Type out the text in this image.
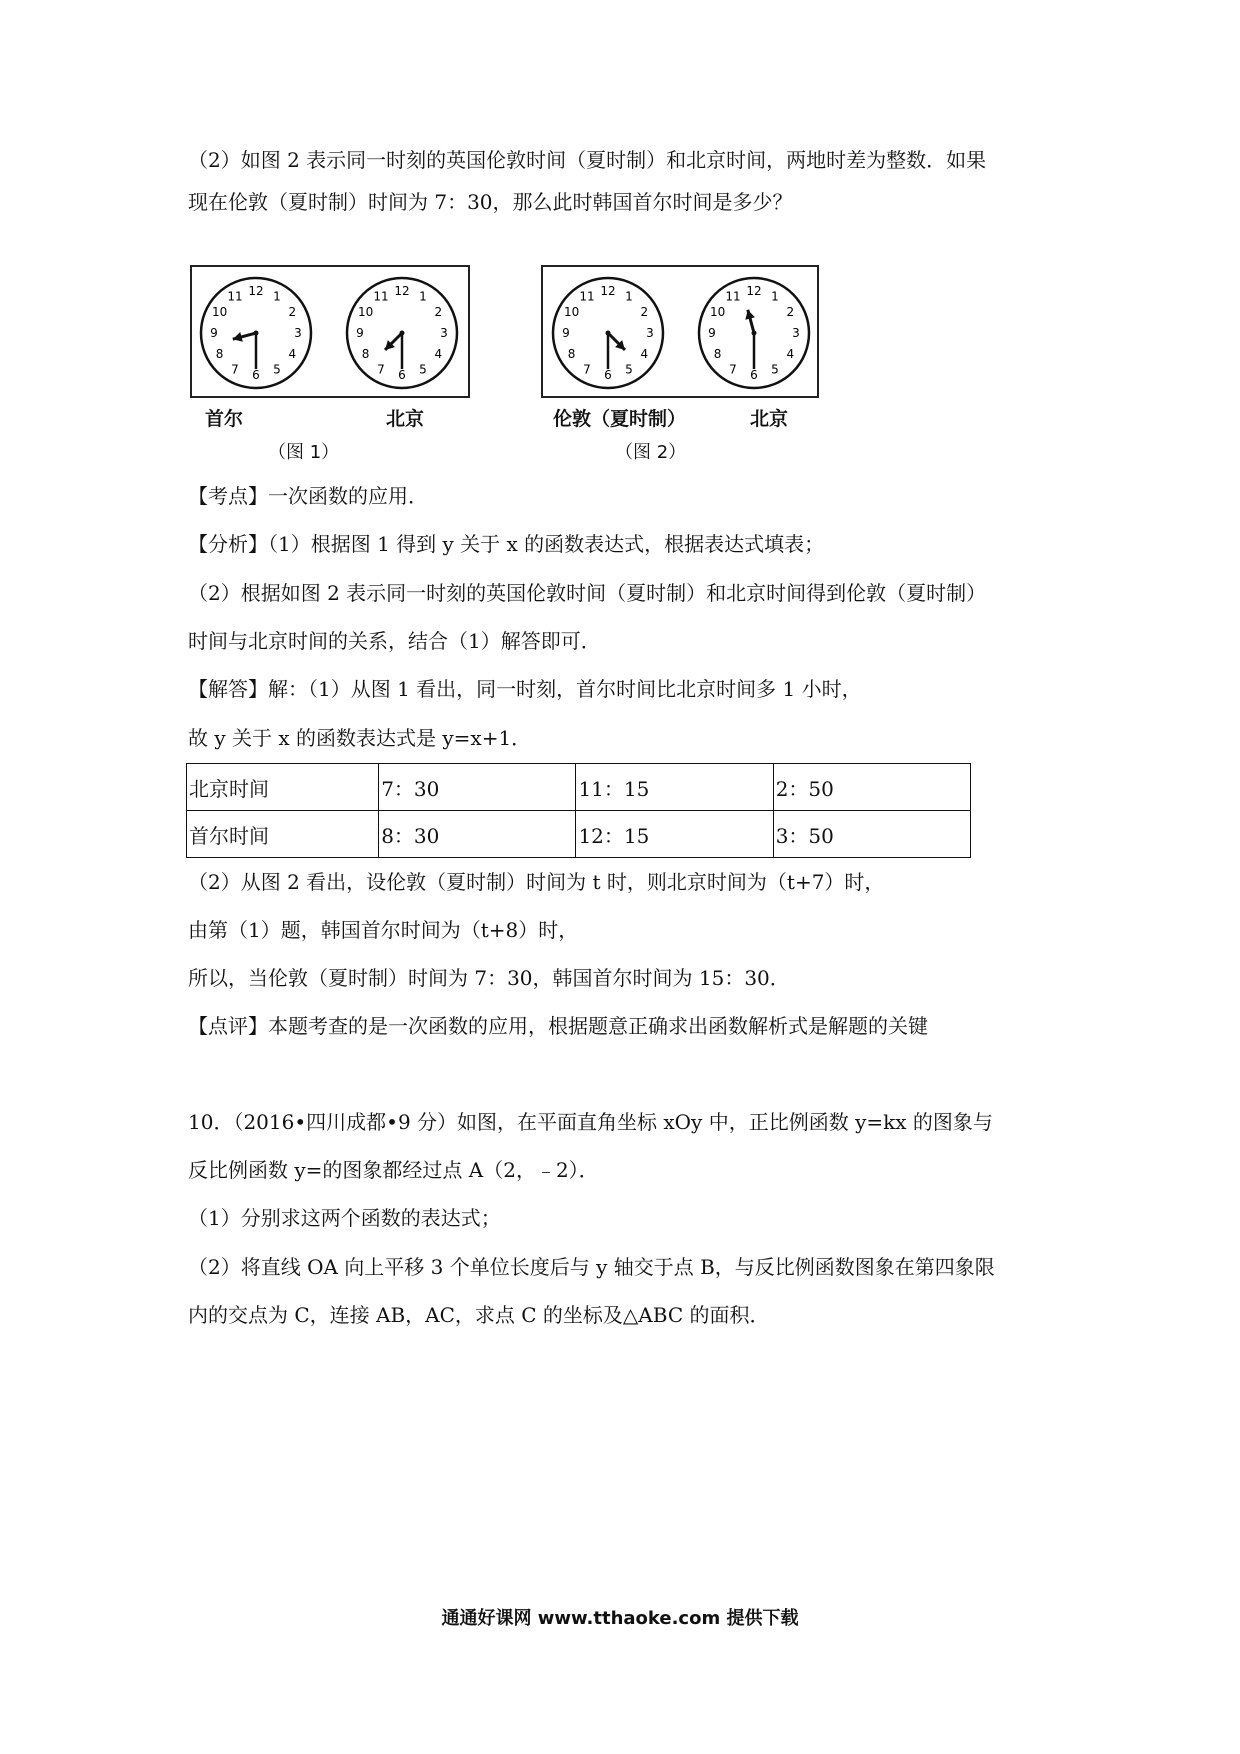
（2）如图 2 表示同一时刻的英国伦敦时间（夏时制）和北京时间，两地时差为整数．如果
现在伦敦（夏时制）时间为 7：30，那么此时韩国首尔时间是多少？
12 1
2
3
4
5
6
7
8
9
10
11	12 1
2
3
4
5
6
7
8
9
10
11
首尔	北京
（图 1）
12 1
2
3
4
5
6
7
8
9
10
11	12 1
2
3
4
5
6
7
8
9
10
11
伦敦（夏时制）	北京
（图 2）
【考点】一次函数的应用．
【分析】（1）根据图 1 得到 y 关于 x 的函数表达式，根据表达式填表；
（2）根据如图 2 表示同一时刻的英国伦敦时间（夏时制）和北京时间得到伦敦（夏时制）
时间与北京时间的关系，结合（1）解答即可．
【解答】解：（1）从图 1 看出，同一时刻，首尔时间比北京时间多 1 小时，
故 y 关于 x 的函数表达式是 y=x+1．
北京时间	7：30	11：15	2：50
首尔时间	8：30	12：15	3：50
（2）从图 2 看出，设伦敦（夏时制）时间为 t 时，则北京时间为（t+7）时，
由第（1）题，韩国首尔时间为（t+8）时，
所以，当伦敦（夏时制）时间为 7：30，韩国首尔时间为 15：30．
【点评】本题考查的是一次函数的应用，根据题意正确求出函数解析式是解题的关键
10．（2016•四川成都•9 分）如图，在平面直角坐标 xOy 中，正比例函数 y=kx 的图象与
反比例函数 y=的图象都经过点 A（2，﹣2）．
（1）分别求这两个函数的表达式；
（2）将直线 OA 向上平移 3 个单位长度后与 y 轴交于点 B，与反比例函数图象在第四象限
内的交点为 C，连接 AB，AC，求点 C 的坐标及△ABC 的面积．
通通好课网 www.tthaoke.com 提供下载
